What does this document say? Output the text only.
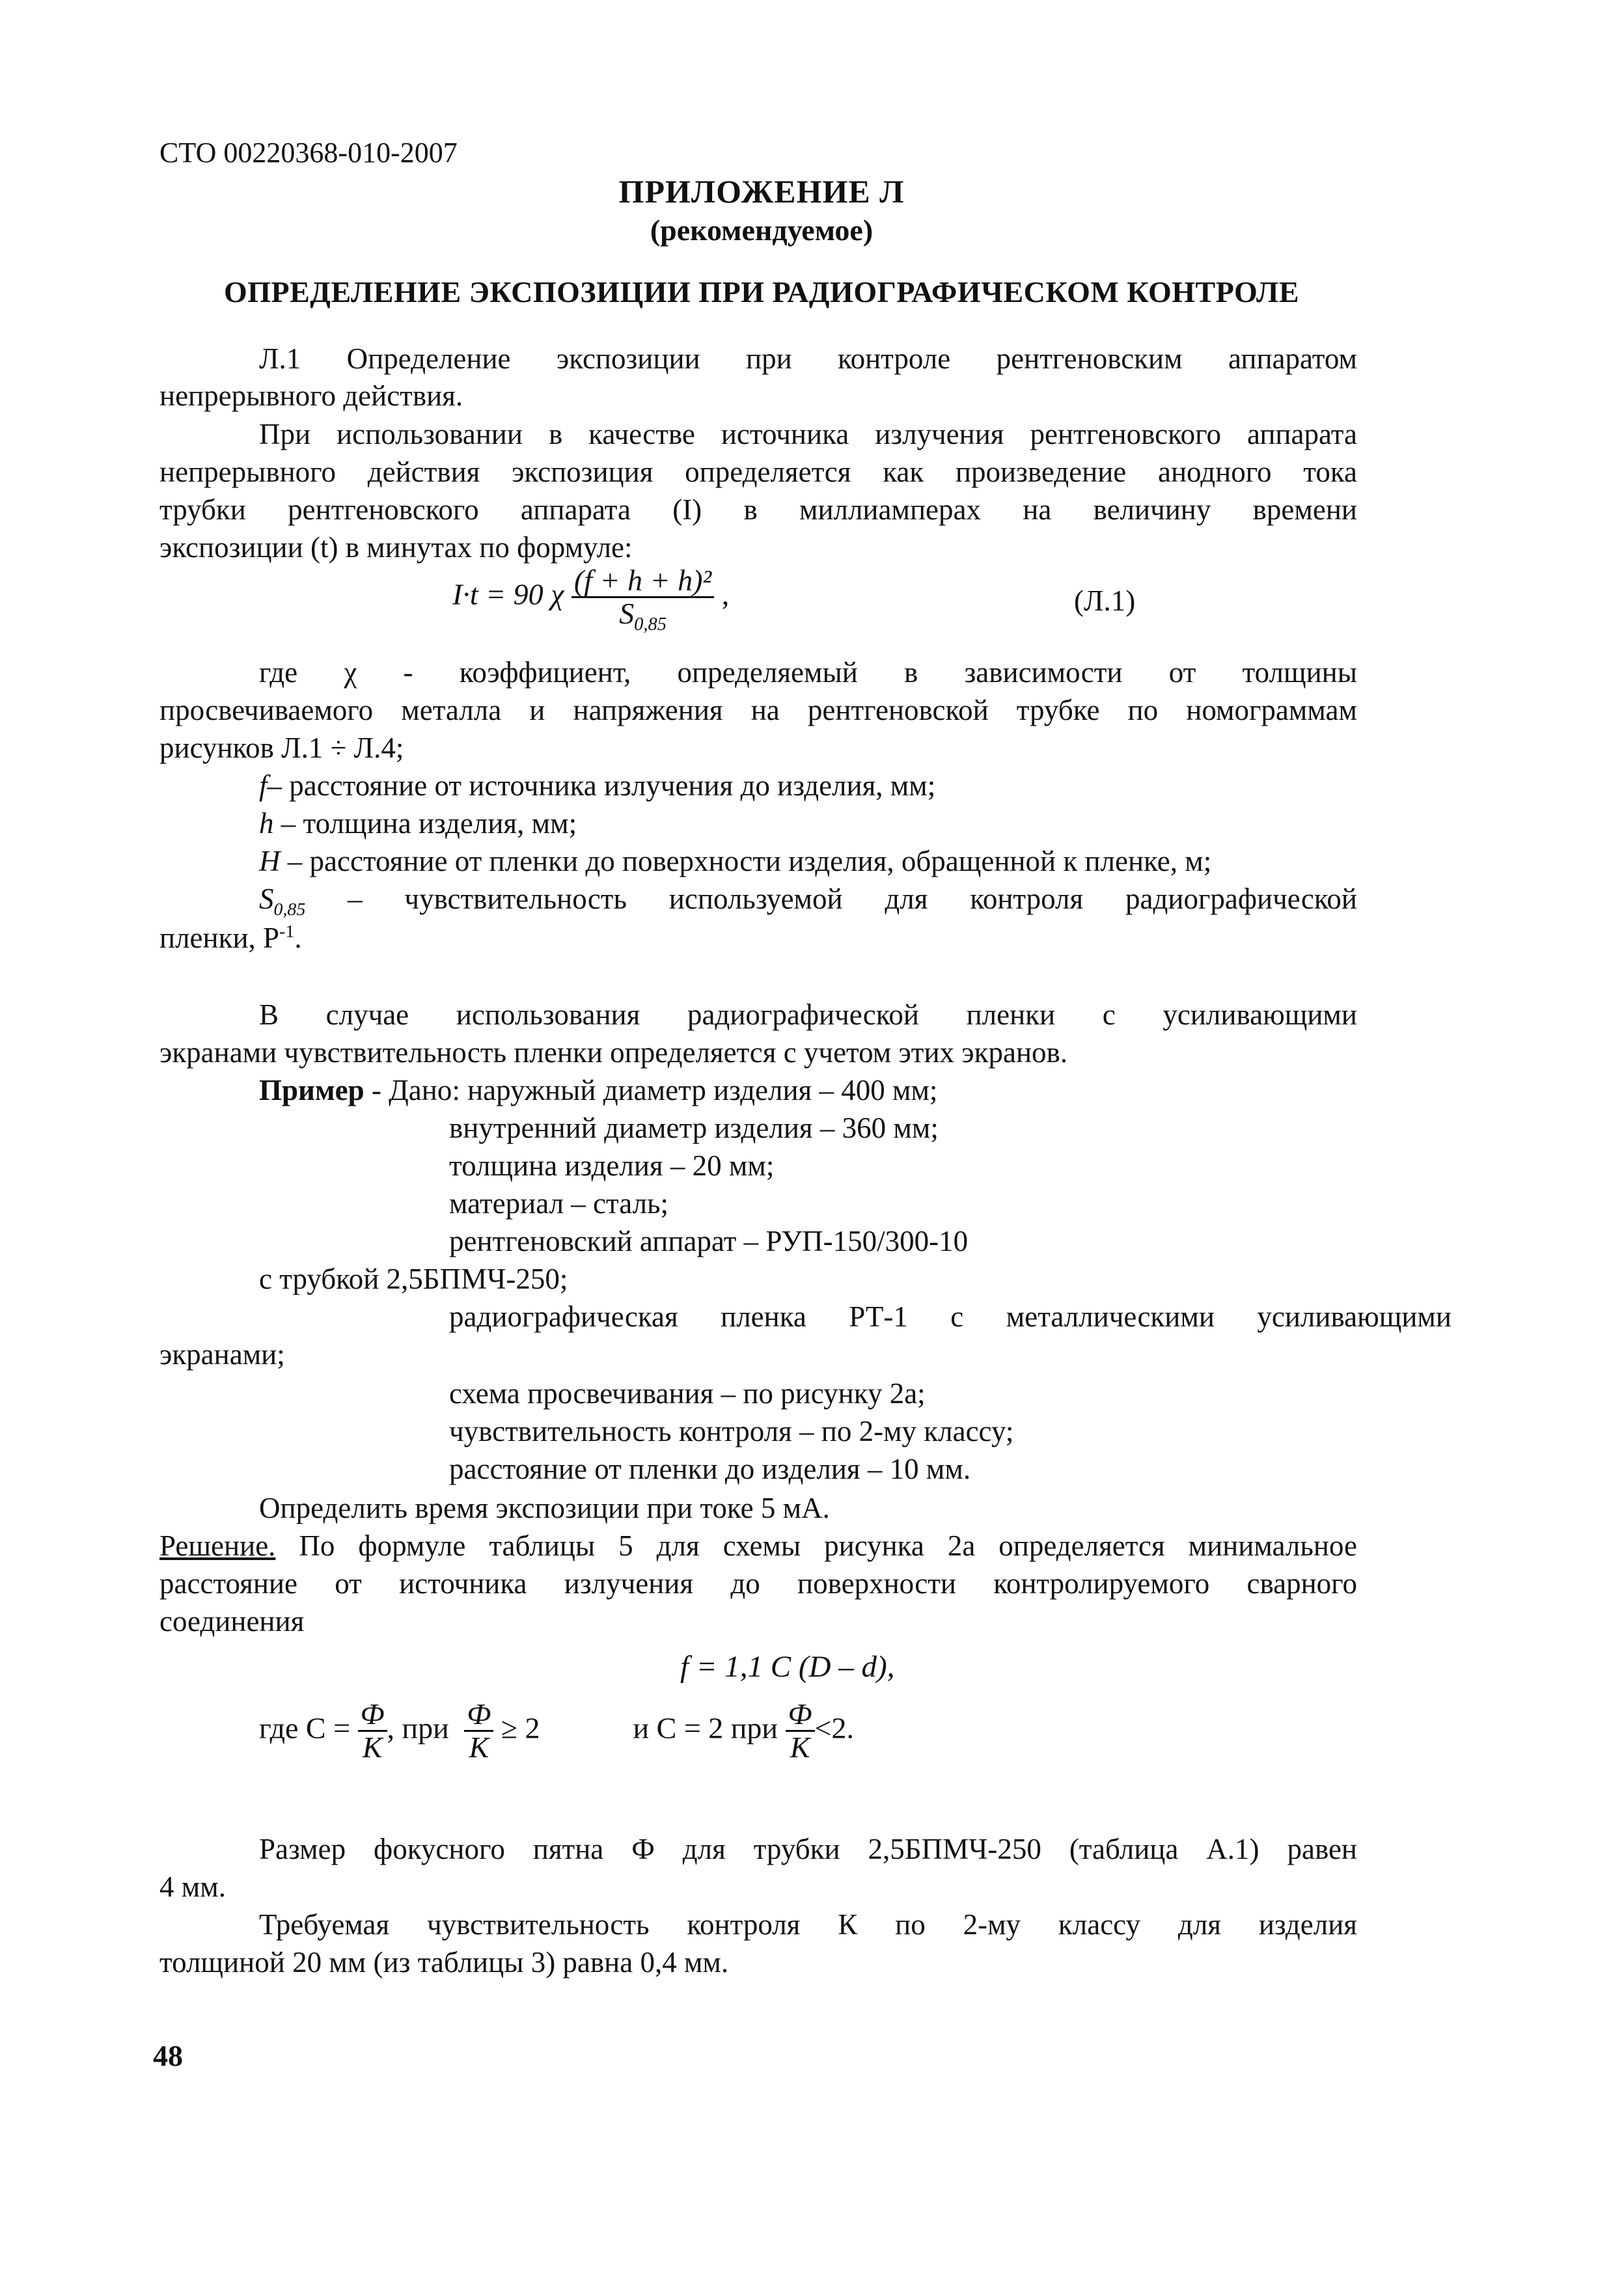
СТО 00220368-010-2007
ПРИЛОЖЕНИЕ Л
(рекомендуемое)
ОПРЕДЕЛЕНИЕ ЭКСПОЗИЦИИ ПРИ РАДИОГРАФИЧЕСКОМ КОНТРОЛЕ
Л.1 Определение экспозиции при контроле рентгеновским аппаратом
непрерывного действия.
При использовании в качестве источника излучения рентгеновского аппарата
непрерывного действия экспозиция определяется как произведение анодного тока
трубки рентгеновского аппарата (I) в миллиамперах на величину времени
экспозиции (t) в минутах по формуле:
I·t = 90 χ $\frac{\text{(f + h + h)²}}{S_{0,85}}$ ,	(Л.1)
где χ - коэффициент, определяемый в зависимости от толщины
просвечиваемого металла и напряжения на рентгеновской трубке по номограммам
рисунков Л.1 ÷ Л.4;
f– расстояние от источника излучения до изделия, мм;
h – толщина изделия, мм;
H – расстояние от пленки до поверхности изделия, обращенной к пленке, м;
$S_{0,85}$ – чувствительность используемой для контроля радиографической
пленки, $Р^{-1}$.
В случае использования радиографической пленки с усиливающими
экранами чувствительность пленки определяется с учетом этих экранов.
Пример - Дано: наружный диаметр изделия – 400 мм;
внутренний диаметр изделия – 360 мм;
толщина изделия – 20 мм;
материал – сталь;
рентгеновский аппарат – РУП-150/300-10
с трубкой 2,5БПМЧ-250;
радиографическая пленка РТ-1 с металлическими усиливающими
экранами;
схема просвечивания – по рисунку 2а;
чувствительность контроля – по 2-му классу;
расстояние от пленки до изделия – 10 мм.
Определить время экспозиции при токе 5 мА.
Решение. По формуле таблицы 5 для схемы рисунка 2а определяется минимальное
расстояние от источника излучения до поверхности контролируемого сварного
соединения
f = 1,1 C (D – d),
где $С = \frac{Ф}{К}$ , при $\frac{Ф}{К} \ge 2$	и С = 2 при $\frac{Ф}{К} <2$.
Размер фокусного пятна Ф для трубки 2,5БПМЧ-250 (таблица А.1) равен
4 мм.
Требуемая чувствительность контроля К по 2-му классу для изделия
толщиной 20 мм (из таблицы 3) равна 0,4 мм.
48
